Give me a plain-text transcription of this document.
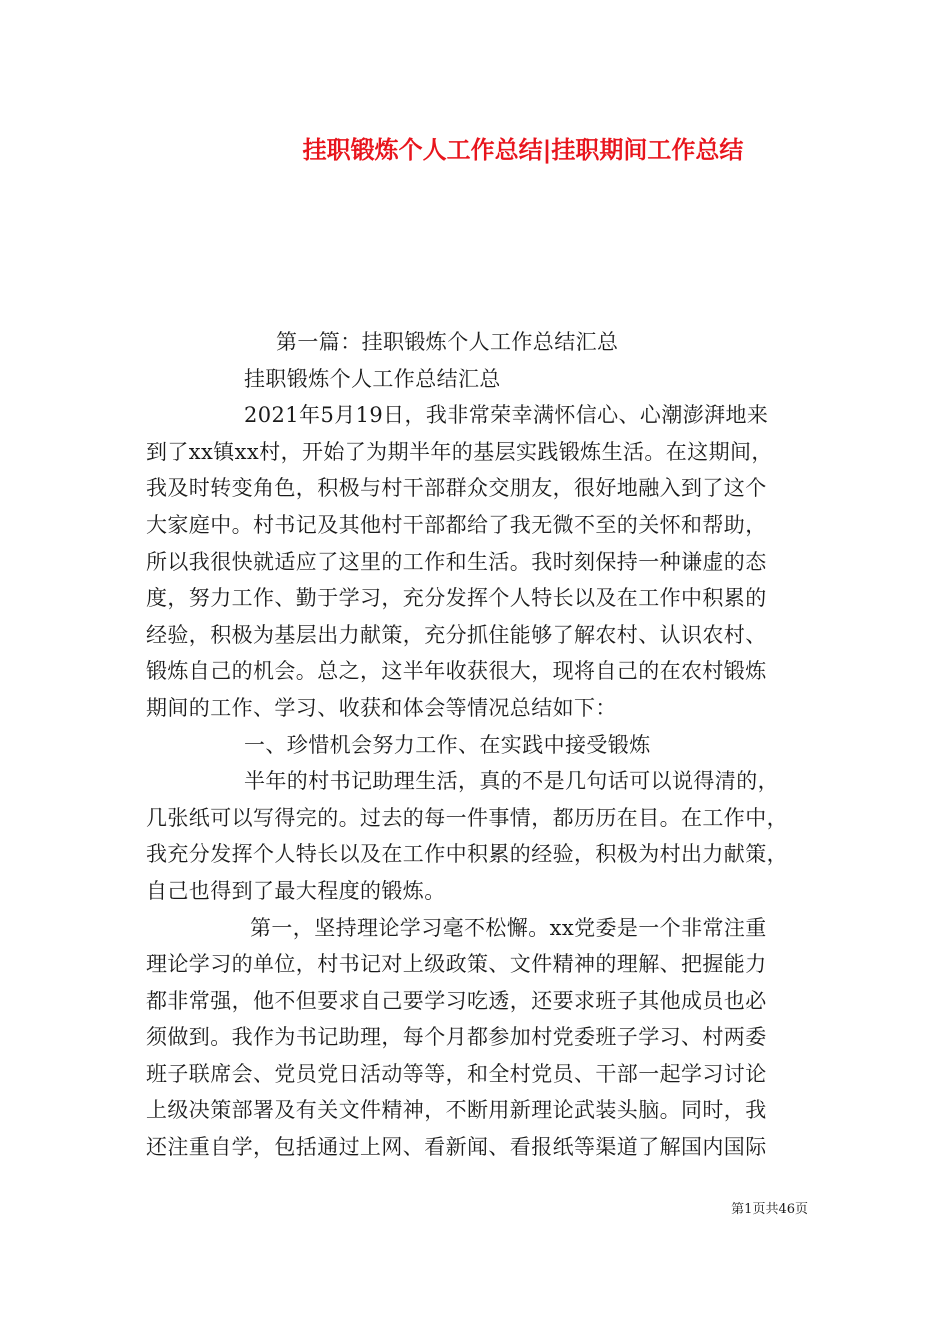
挂职锻炼个人工作总结|挂职期间工作总结
第一篇：挂职锻炼个人工作总结汇总
挂职锻炼个人工作总结汇总
2021年5月19日，我非常荣幸满怀信心、心潮澎湃地来
到了xx镇xx村，开始了为期半年的基层实践锻炼生活。在这期间，
我及时转变角色，积极与村干部群众交朋友，很好地融入到了这个
大家庭中。村书记及其他村干部都给了我无微不至的关怀和帮助，
所以我很快就适应了这里的工作和生活。我时刻保持一种谦虚的态
度，努力工作、勤于学习，充分发挥个人特长以及在工作中积累的
经验，积极为基层出力献策，充分抓住能够了解农村、认识农村、
锻炼自己的机会。总之，这半年收获很大，现将自己的在农村锻炼
期间的工作、学习、收获和体会等情况总结如下：
一、珍惜机会努力工作、在实践中接受锻炼
半年的村书记助理生活，真的不是几句话可以说得清的，
几张纸可以写得完的。过去的每一件事情，都历历在目。在工作中，
我充分发挥个人特长以及在工作中积累的经验，积极为村出力献策，
自己也得到了最大程度的锻炼。
第一，坚持理论学习毫不松懈。xx党委是一个非常注重
理论学习的单位，村书记对上级政策、文件精神的理解、把握能力
都非常强，他不但要求自己要学习吃透，还要求班子其他成员也必
须做到。我作为书记助理，每个月都参加村党委班子学习、村两委
班子联席会、党员党日活动等等，和全村党员、干部一起学习讨论
上级决策部署及有关文件精神，不断用新理论武装头脑。同时，我
还注重自学，包括通过上网、看新闻、看报纸等渠道了解国内国际
第1页共46页
